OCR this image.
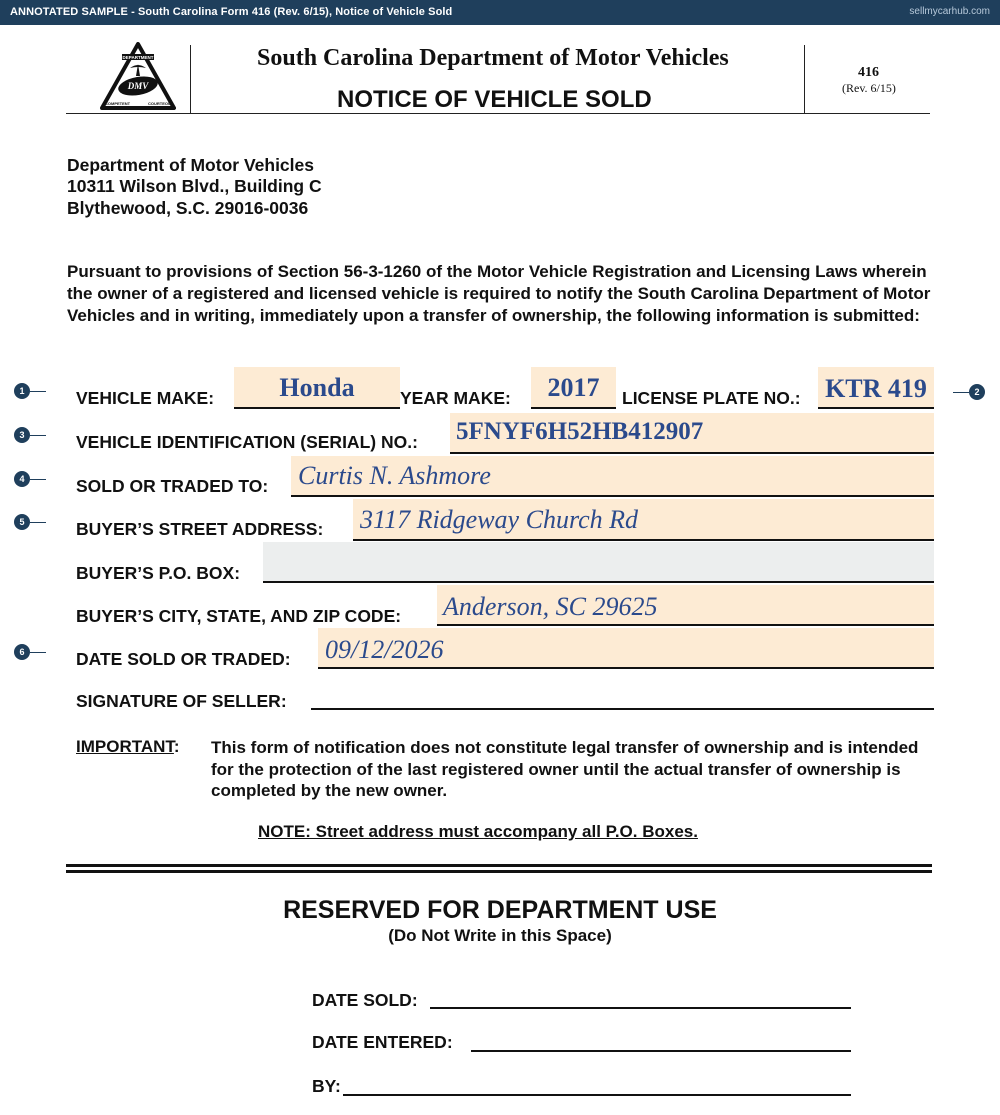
ANNOTATED SAMPLE - South Carolina Form 416 (Rev. 6/15), Notice of Vehicle Sold	sellmycarhub.com
DEPARTMENT
DMV
COMPETENT	COURTEOUS
South Carolina Department of Motor Vehicles
NOTICE OF VEHICLE SOLD
416
(Rev. 6/15)
Department of Motor Vehicles
10311 Wilson Blvd., Building C
Blythewood, S.C. 29016-0036
Pursuant to provisions of Section 56-3-1260 of the Motor Vehicle Registration and Licensing Laws wherein the owner of a registered and licensed vehicle is required to notify the South Carolina Department of Motor Vehicles and in writing, immediately upon a transfer of ownership, the following information is submitted:
VEHICLE MAKE:	Honda	YEAR MAKE:	2017	LICENSE PLATE NO.: KTR 419
VEHICLE IDENTIFICATION (SERIAL) NO.: 5FNYF6H52HB412907
SOLD OR TRADED TO: Curtis N. Ashmore
BUYER’S STREET ADDRESS: 3117 Ridgeway Church Rd
BUYER’S P.O. BOX:
BUYER’S CITY, STATE, AND ZIP CODE: Anderson, SC 29625
DATE SOLD OR TRADED: 09/12/2026
SIGNATURE OF SELLER:
1	2
3
4
5
6
IMPORTANT: This form of notification does not constitute legal transfer of ownership and is intended for the protection of the last registered owner until the actual transfer of ownership is completed by the new owner.
NOTE: Street address must accompany all P.O. Boxes.
RESERVED FOR DEPARTMENT USE
(Do Not Write in this Space)
DATE SOLD:
DATE ENTERED:
BY:
